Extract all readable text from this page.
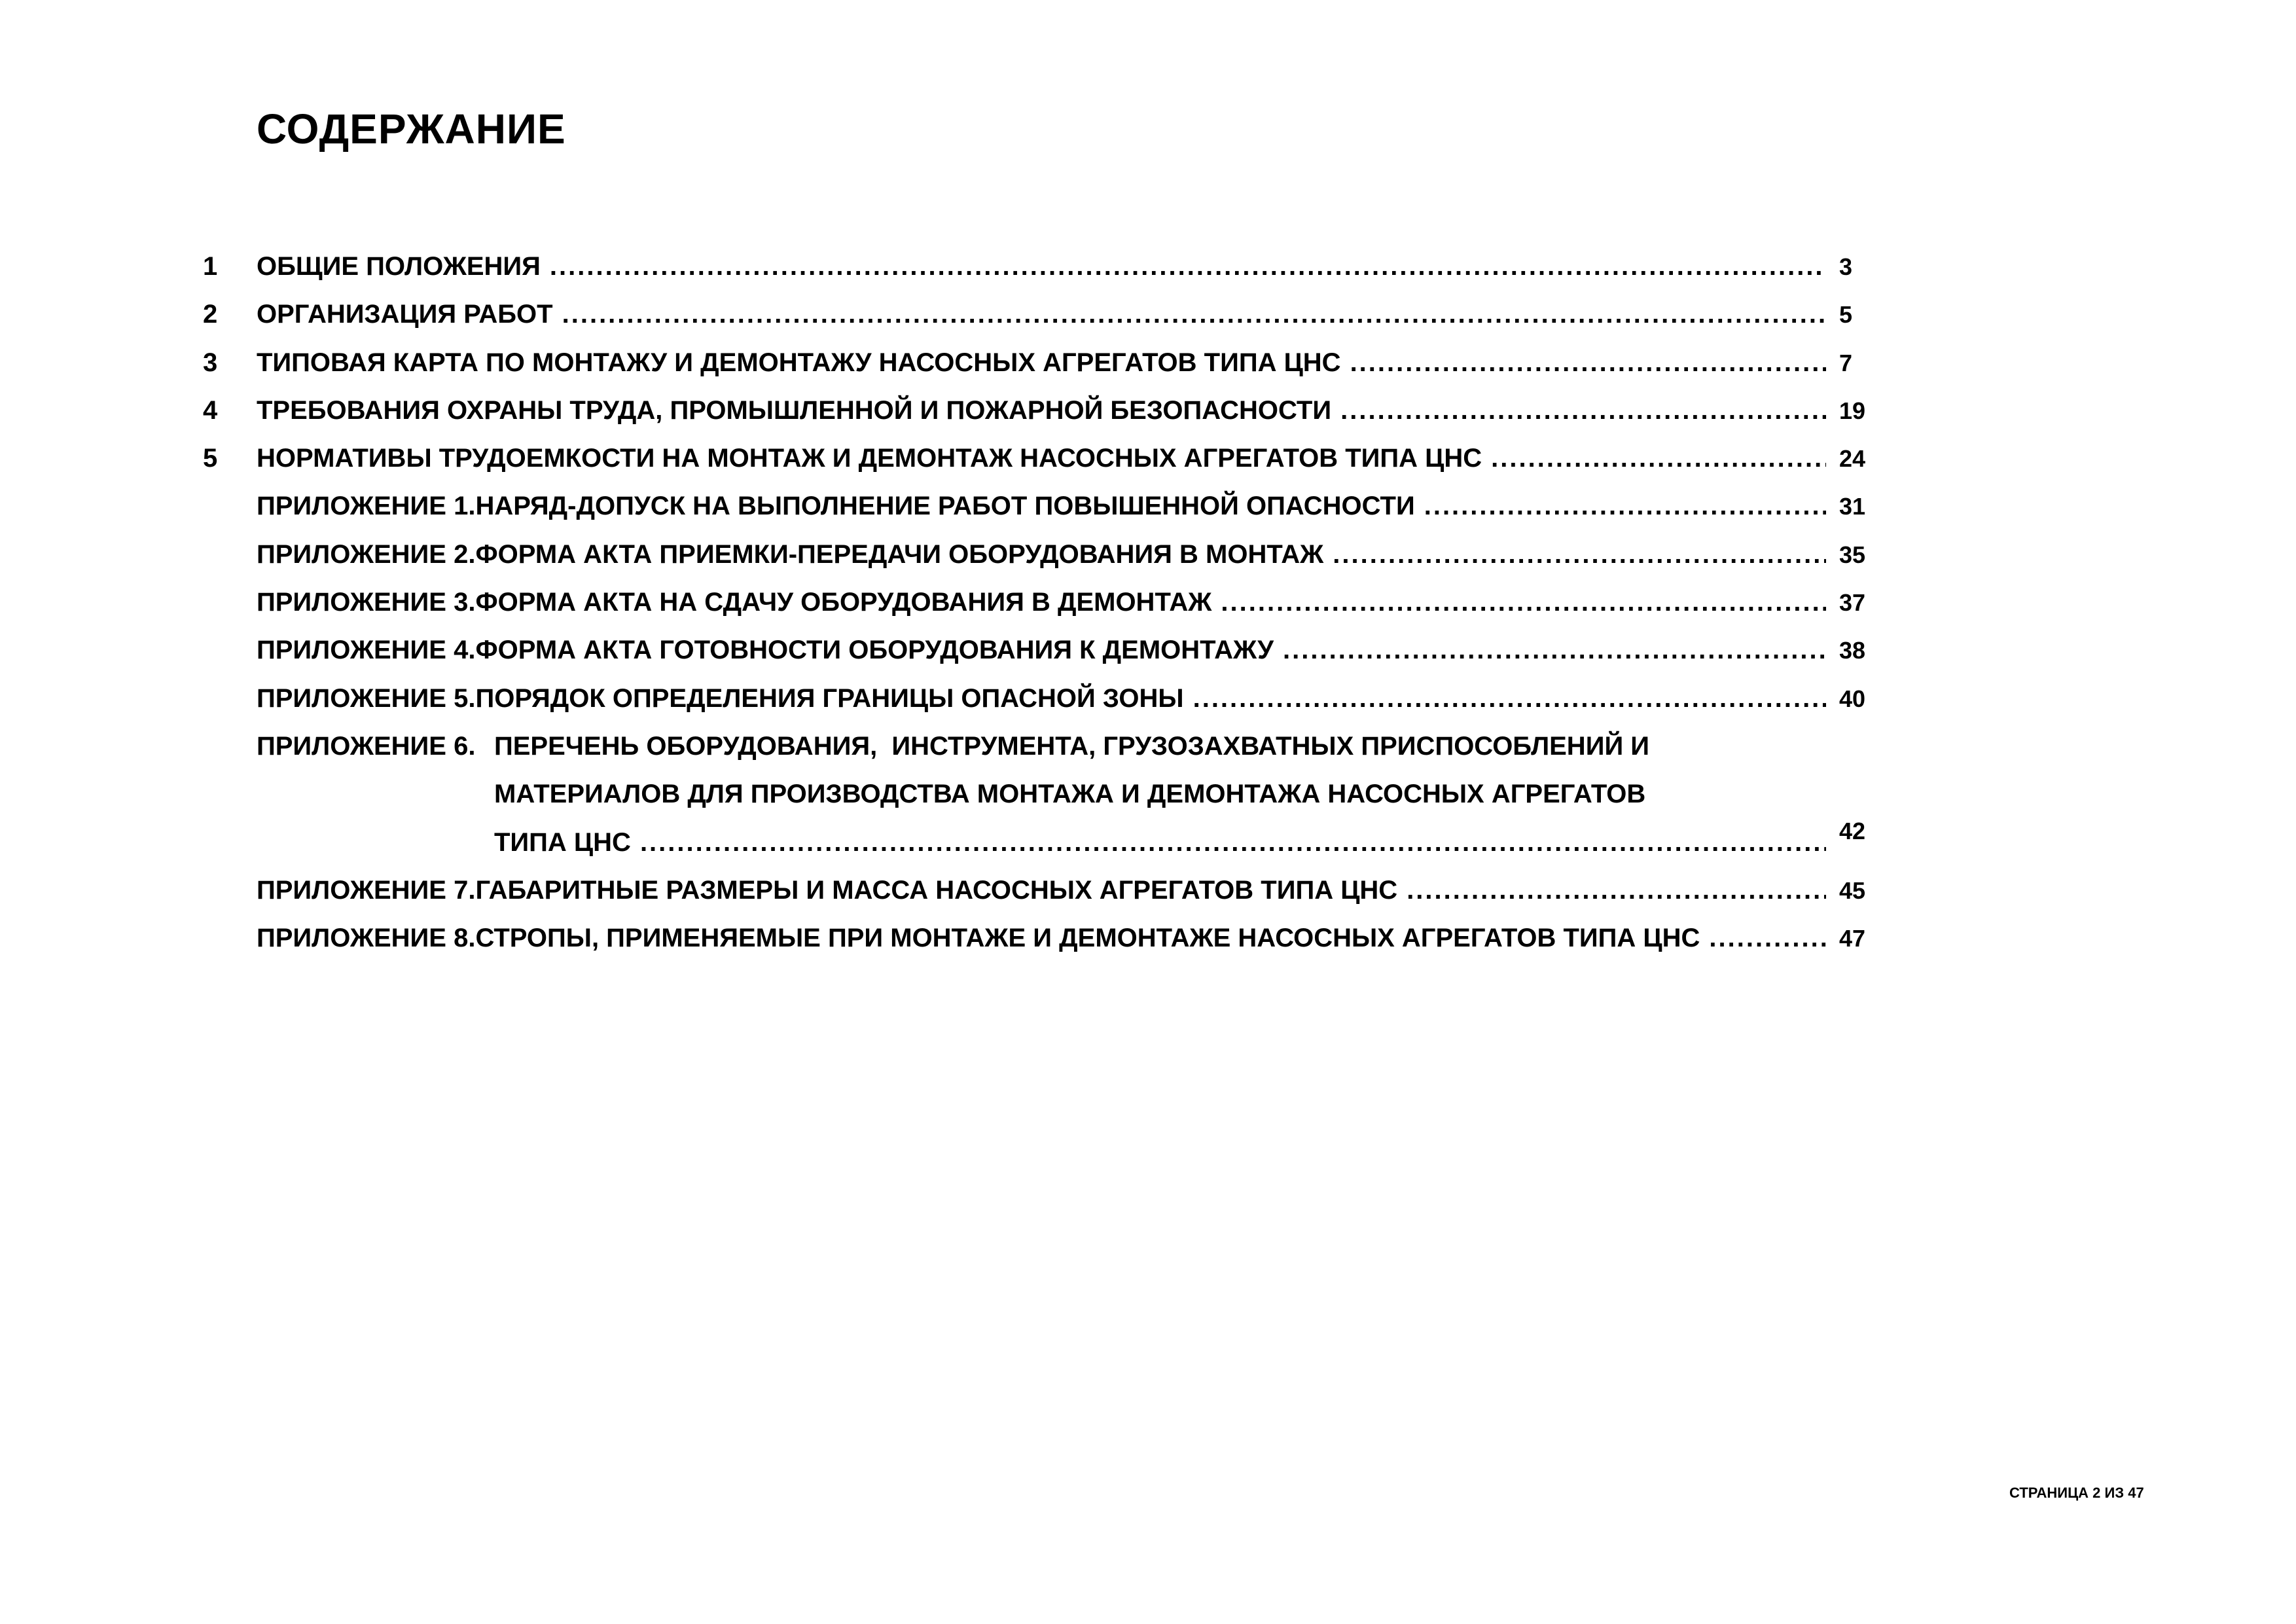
СОДЕРЖАНИЕ
1	ОБЩИЕ ПОЛОЖЕНИЯ .....	3
2	ОРГАНИЗАЦИЯ РАБОТ .....	5
3	ТИПОВАЯ КАРТА ПО МОНТАЖУ И ДЕМОНТАЖУ НАСОСНЫХ АГРЕГАТОВ ТИПА ЦНС .....	7
4	ТРЕБОВАНИЯ ОХРАНЫ ТРУДА, ПРОМЫШЛЕННОЙ И ПОЖАРНОЙ БЕЗОПАСНОСТИ .....	19
5	НОРМАТИВЫ ТРУДОЕМКОСТИ НА МОНТАЖ И ДЕМОНТАЖ НАСОСНЫХ АГРЕГАТОВ ТИПА ЦНС .....	24
ПРИЛОЖЕНИЕ 1. НАРЯД-ДОПУСК НА ВЫПОЛНЕНИЕ РАБОТ ПОВЫШЕННОЙ ОПАСНОСТИ .....	31
ПРИЛОЖЕНИЕ 2. ФОРМА АКТА ПРИЕМКИ-ПЕРЕДАЧИ ОБОРУДОВАНИЯ В МОНТАЖ .....	35
ПРИЛОЖЕНИЕ 3. ФОРМА АКТА НА СДАЧУ ОБОРУДОВАНИЯ В ДЕМОНТАЖ .....	37
ПРИЛОЖЕНИЕ 4. ФОРМА АКТА ГОТОВНОСТИ ОБОРУДОВАНИЯ К ДЕМОНТАЖУ .....	38
ПРИЛОЖЕНИЕ 5. ПОРЯДОК ОПРЕДЕЛЕНИЯ ГРАНИЦЫ ОПАСНОЙ ЗОНЫ .....	40
ПРИЛОЖЕНИЕ 6. ПЕРЕЧЕНЬ ОБОРУДОВАНИЯ,  ИНСТРУМЕНТА, ГРУЗОЗАХВАТНЫХ ПРИСПОСОБЛЕНИЙ И
МАТЕРИАЛОВ ДЛЯ ПРОИЗВОДСТВА МОНТАЖА И ДЕМОНТАЖА НАСОСНЫХ АГРЕГАТОВ
ТИПА ЦНС .....	42
ПРИЛОЖЕНИЕ 7. ГАБАРИТНЫЕ РАЗМЕРЫ И МАССА НАСОСНЫХ АГРЕГАТОВ ТИПА ЦНС .....	45
ПРИЛОЖЕНИЕ 8. СТРОПЫ, ПРИМЕНЯЕМЫЕ ПРИ МОНТАЖЕ И ДЕМОНТАЖЕ НАСОСНЫХ АГРЕГАТОВ ТИПА ЦНС .....	47
СТРАНИЦА 2 ИЗ 47
